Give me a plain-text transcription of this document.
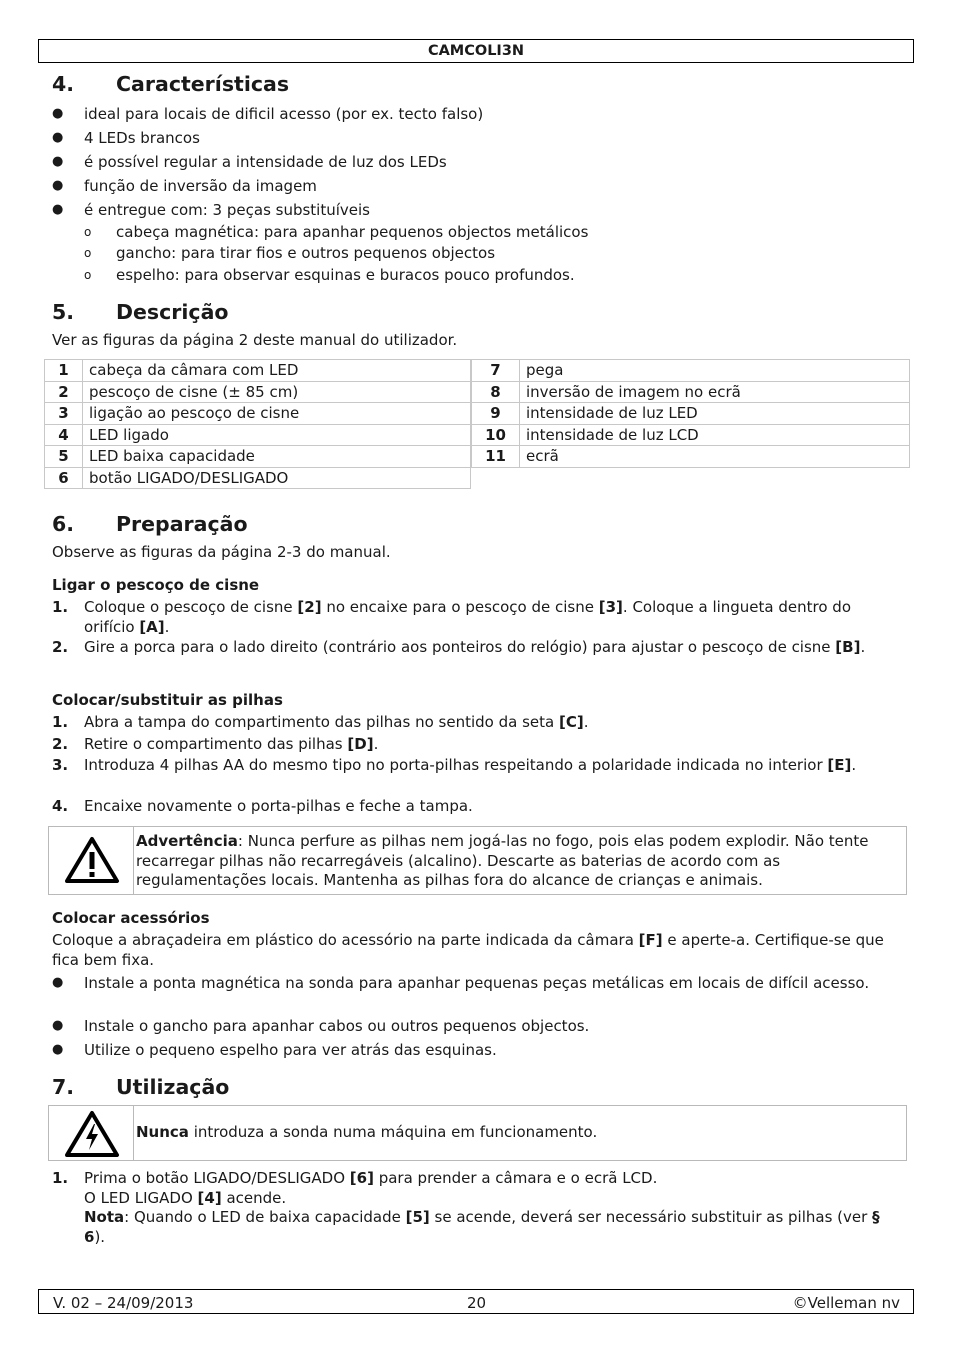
CAMCOLI3N
4. Características
● ideal para locais de dificil acesso (por ex. tecto falso)
● 4 LEDs brancos
● é possível regular a intensidade de luz dos LEDs
● função de inversão da imagem
● é entregue com: 3 peças substituíveis
o cabeça magnética: para apanhar pequenos objectos metálicos
o gancho: para tirar fios e outros pequenos objectos
o espelho: para observar esquinas e buracos pouco profundos.
5. Descrição
Ver as figuras da página 2 deste manual do utilizador.
1	cabeça da câmara com LED
2	pescoço de cisne (± 85 cm)
3	ligação ao pescoço de cisne
4	LED ligado
5	LED baixa capacidade
6	botão LIGADO/DESLIGADO
7	pega
8	inversão de imagem no ecrã
9	intensidade de luz LED
10	intensidade de luz LCD
11	ecrã
6. Preparação
Observe as figuras da página 2-3 do manual.
Ligar o pescoço de cisne
1. Coloque o pescoço de cisne [2] no encaixe para o pescoço de cisne [3]. Coloque a lingueta dentro do orifício [A].
2. Gire a porca para o lado direito (contrário aos ponteiros do relógio) para ajustar o pescoço de cisne [B].
Colocar/substituir as pilhas
1. Abra a tampa do compartimento das pilhas no sentido da seta [C].
2. Retire o compartimento das pilhas [D].
3. Introduza 4 pilhas AA do mesmo tipo no porta-pilhas respeitando a polaridade indicada no interior [E].
4. Encaixe novamente o porta-pilhas e feche a tampa.
Advertência: Nunca perfure as pilhas nem jogá-las no fogo, pois elas podem explodir. Não tente recarregar pilhas não recarregáveis (alcalino). Descarte as baterias de acordo com as regulamentações locais. Mantenha as pilhas fora do alcance de crianças e animais.
Colocar acessórios
Coloque a abraçadeira em plástico do acessório na parte indicada da câmara [F] e aperte-a. Certifique-se que fica bem fixa.
● Instale a ponta magnética na sonda para apanhar pequenas peças metálicas em locais de difícil acesso.
● Instale o gancho para apanhar cabos ou outros pequenos objectos.
● Utilize o pequeno espelho para ver atrás das esquinas.
7. Utilização
Nunca introduza a sonda numa máquina em funcionamento.
1. Prima o botão LIGADO/DESLIGADO [6] para prender a câmara e o ecrã LCD.
O LED LIGADO [4] acende.
Nota: Quando o LED de baixa capacidade [5] se acende, deverá ser necessário substituir as pilhas (ver § 6).
V. 02 – 24/09/2013	20	©Velleman nv
